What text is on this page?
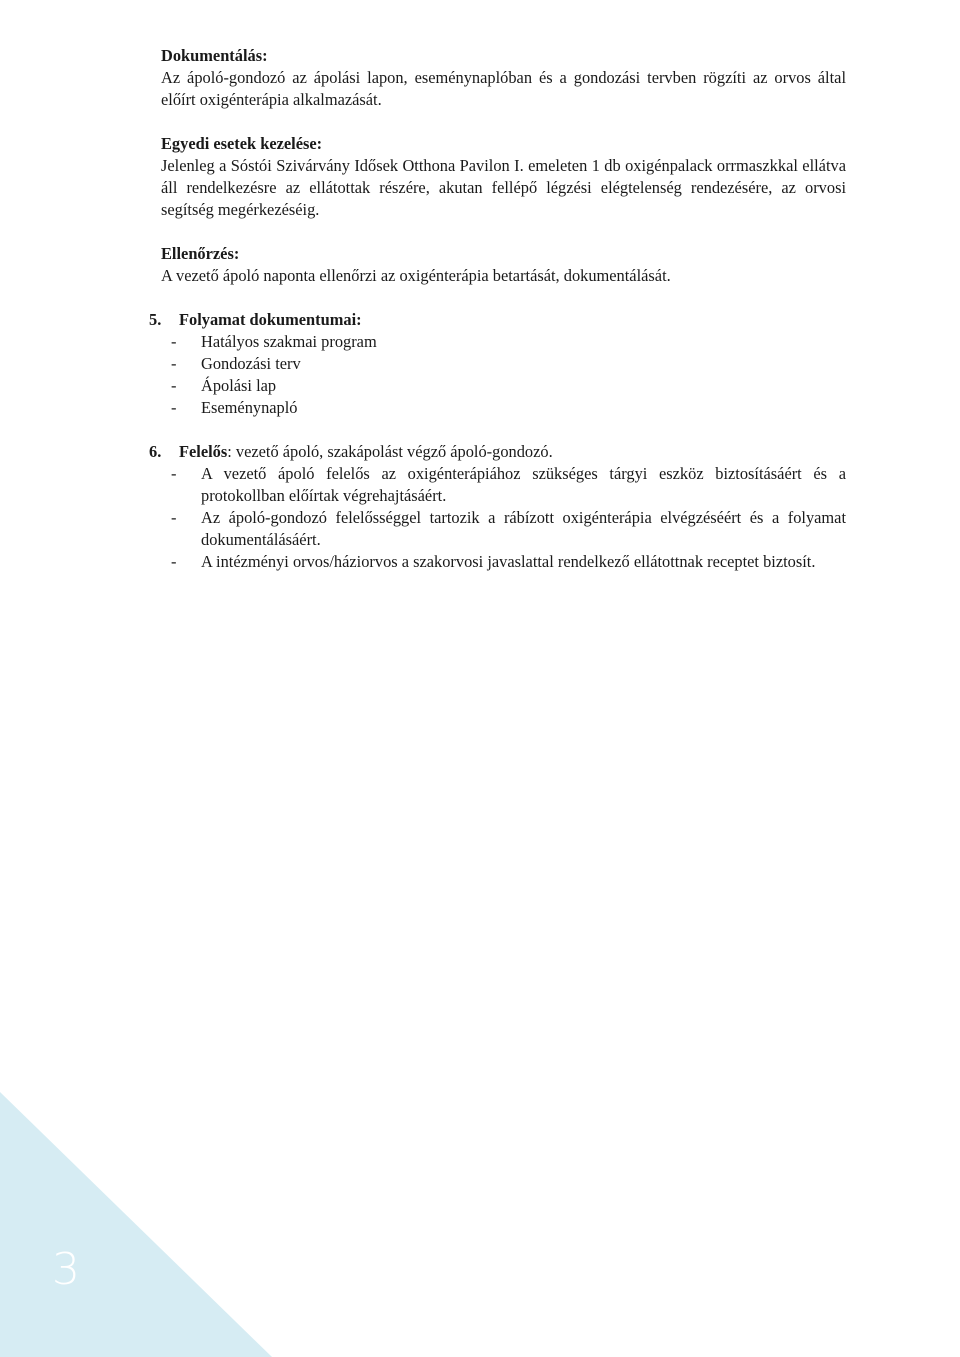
Dokumentálás:
Az ápoló-gondozó az ápolási lapon, eseménynaplóban és a gondozási tervben rögzíti az orvos által előírt oxigénterápia alkalmazását.
Egyedi esetek kezelése:
Jelenleg a Sóstói Szivárvány Idősek Otthona Pavilon I. emeleten 1 db oxigénpalack orrmaszkkal ellátva áll rendelkezésre az ellátottak részére, akutan fellépő légzési elégtelenség rendezésére, az orvosi segítség megérkezéséig.
Ellenőrzés:
A vezető ápoló naponta ellenőrzi az oxigénterápia betartását, dokumentálását.
5. Folyamat dokumentumai:
- Hatályos szakmai program
- Gondozási terv
- Ápolási lap
- Eseménynapló
6. Felelős: vezető ápoló, szakápolást végző ápoló-gondozó.
- A vezető ápoló felelős az oxigénterápiához szükséges tárgyi eszköz biztosításáért és a protokollban előírtak végrehajtásáért.
- Az ápoló-gondozó felelősséggel tartozik a rábízott oxigénterápia elvégzéséért és a folyamat dokumentálásáért.
- A intézményi orvos/háziorvos a szakorvosi javaslattal rendelkező ellátottnak receptet biztosít.
3
